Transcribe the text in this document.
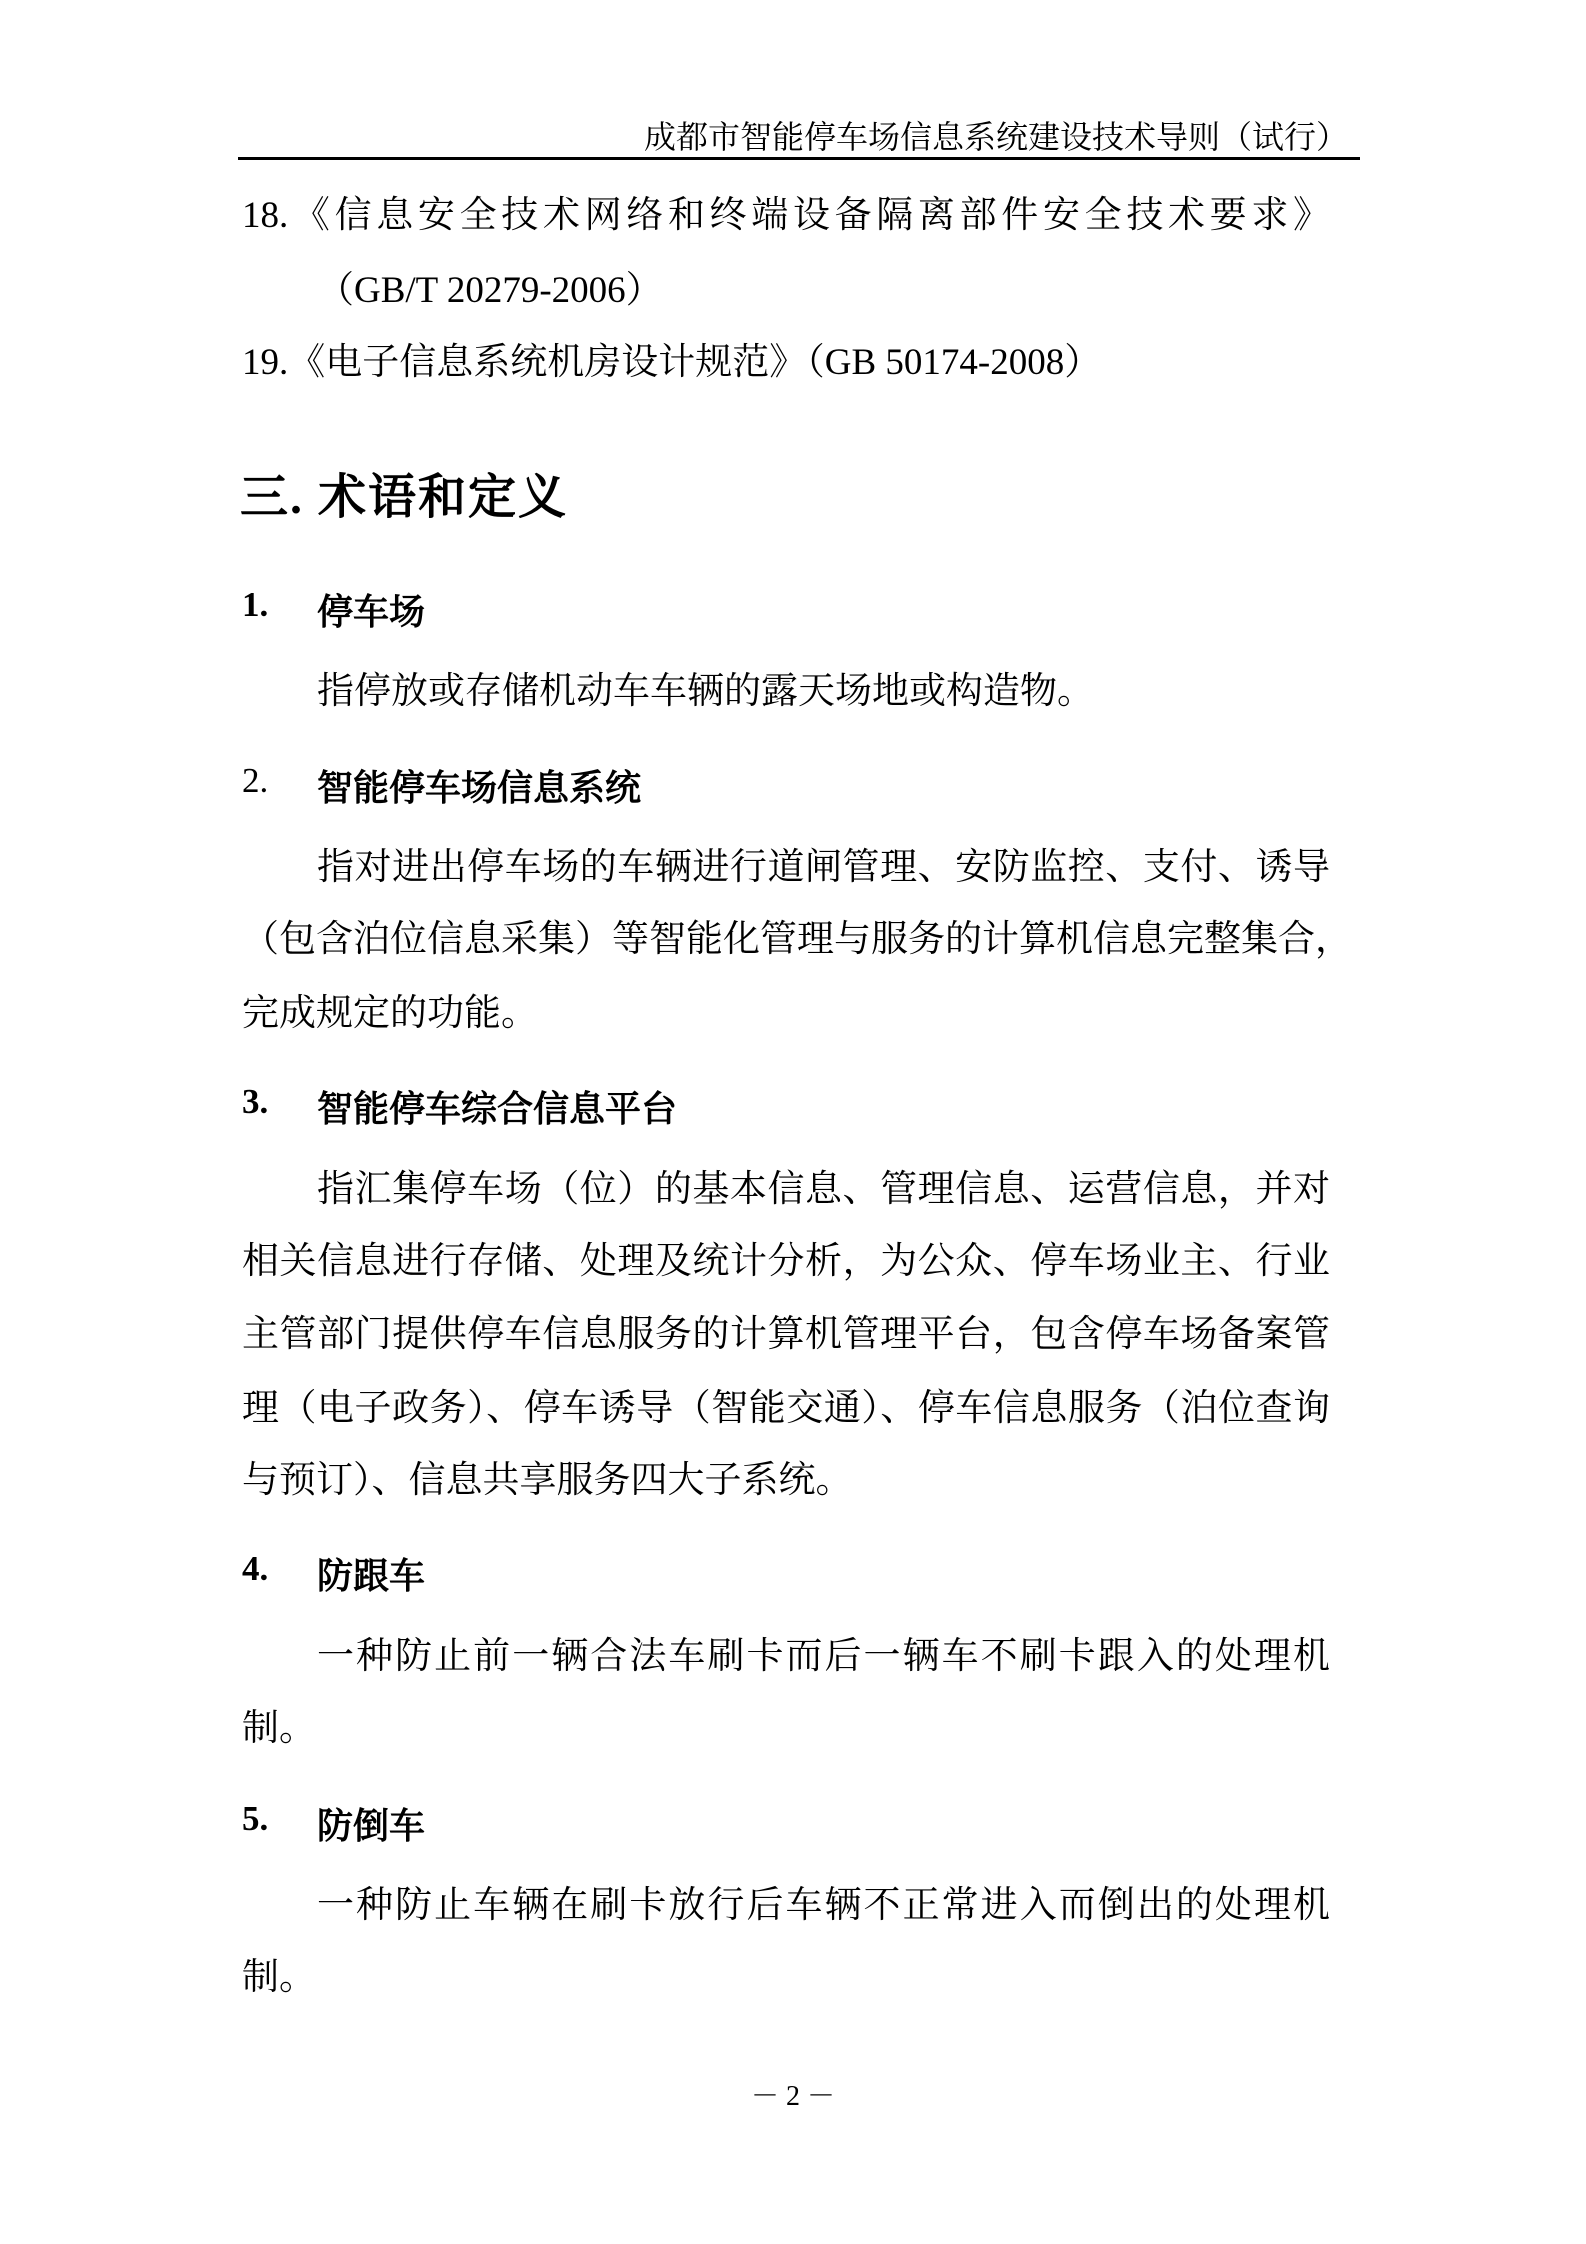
成都市智能停车场信息系统建设技术导则（试行）
18.《信息安全技术网络和终端设备隔离部件安全技术要求》
（GB/T 20279-2006）
19.《电子信息系统机房设计规范》（GB 50174-2008）
三. 术语和定义
1. 停车场
指停放或存储机动车车辆的露天场地或构造物。
2. 智能停车场信息系统
指对进出停车场的车辆进行道闸管理、安防监控、支付、诱导
（包含泊位信息采集）等智能化管理与服务的计算机信息完整集合，
完成规定的功能。
3. 智能停车综合信息平台
指汇集停车场（位）的基本信息、管理信息、运营信息，并对
相关信息进行存储、处理及统计分析，为公众、停车场业主、行业
主管部门提供停车信息服务的计算机管理平台，包含停车场备案管
理（电子政务）、停车诱导（智能交通）、停车信息服务（泊位查询
与预订）、信息共享服务四大子系统。
4. 防跟车
一种防止前一辆合法车刷卡而后一辆车不刷卡跟入的处理机
制。
5. 防倒车
一种防止车辆在刷卡放行后车辆不正常进入而倒出的处理机
制。
－ 2 －
